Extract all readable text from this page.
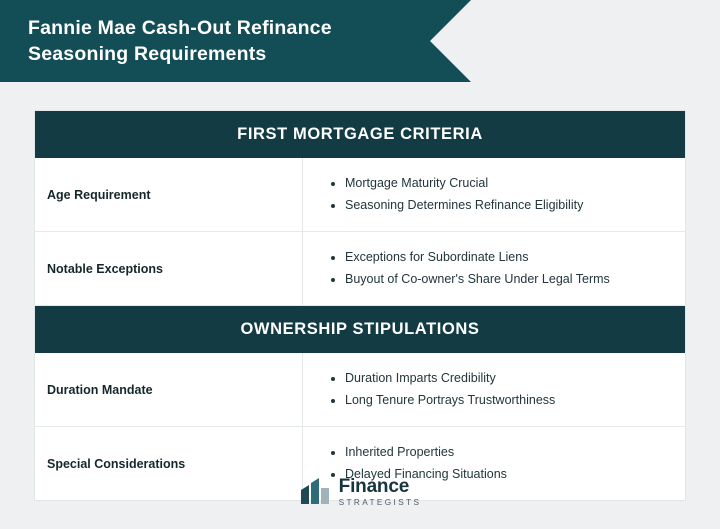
Fannie Mae Cash-Out Refinance Seasoning Requirements
FIRST MORTGAGE CRITERIA
Age Requirement
• Mortgage Maturity Crucial
• Seasoning Determines Refinance Eligibility
Notable Exceptions
• Exceptions for Subordinate Liens
• Buyout of Co-owner's Share Under Legal Terms
OWNERSHIP STIPULATIONS
Duration Mandate
• Duration Imparts Credibility
• Long Tenure Portrays Trustworthiness
Special Considerations
• Inherited Properties
• Delayed Financing Situations
Finance
STRATEGISTS
